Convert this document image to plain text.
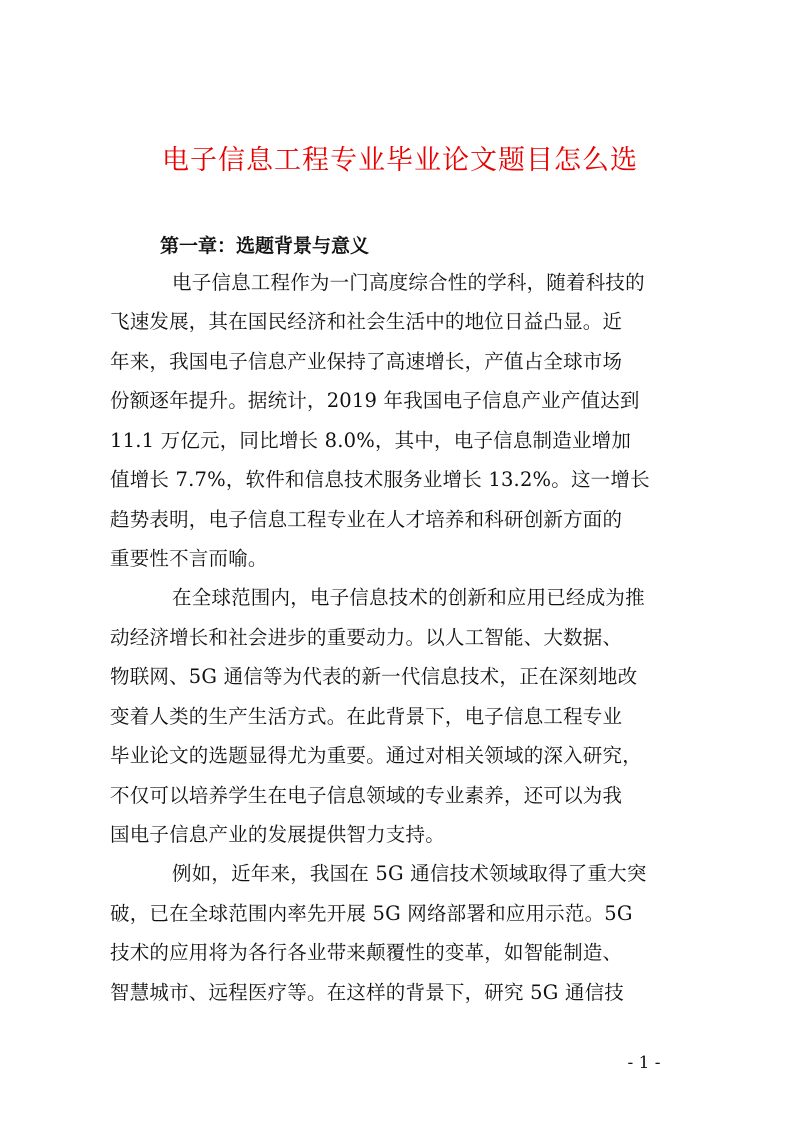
电子信息工程专业毕业论文题目怎么选
第一章：选题背景与意义
电子信息工程作为一门高度综合性的学科，随着科技的
飞速发展，其在国民经济和社会生活中的地位日益凸显。近
年来，我国电子信息产业保持了高速增长，产值占全球市场
份额逐年提升。据统计，2019 年我国电子信息产业产值达到
11.1 万亿元，同比增长 8.0%，其中，电子信息制造业增加
值增长 7.7%，软件和信息技术服务业增长 13.2%。这一增长
趋势表明，电子信息工程专业在人才培养和科研创新方面的
重要性不言而喻。
在全球范围内，电子信息技术的创新和应用已经成为推
动经济增长和社会进步的重要动力。以人工智能、大数据、
物联网、5G 通信等为代表的新一代信息技术，正在深刻地改
变着人类的生产生活方式。在此背景下，电子信息工程专业
毕业论文的选题显得尤为重要。通过对相关领域的深入研究，
不仅可以培养学生在电子信息领域的专业素养，还可以为我
国电子信息产业的发展提供智力支持。
例如，近年来，我国在 5G 通信技术领域取得了重大突
破，已在全球范围内率先开展 5G 网络部署和应用示范。5G
技术的应用将为各行各业带来颠覆性的变革，如智能制造、
智慧城市、远程医疗等。在这样的背景下，研究 5G 通信技
- 1 -
